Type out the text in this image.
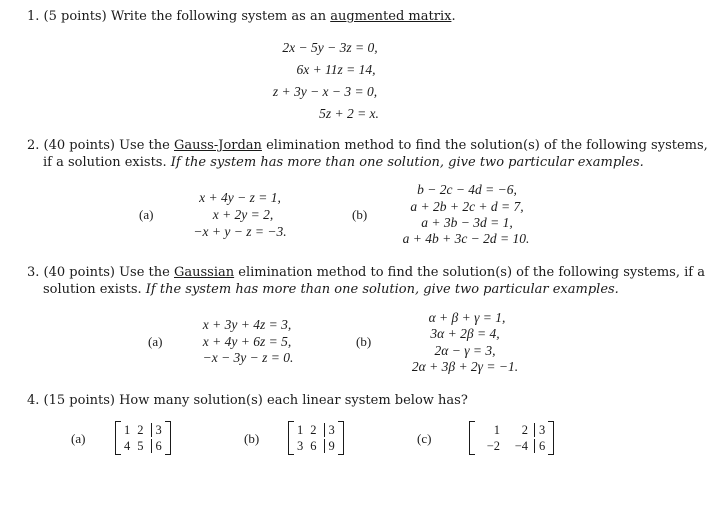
1. (5 points) Write the following system as an augmented matrix.
2x − 5y − 3z = 0,
6x + 11z = 14,
z + 3y − x − 3 = 0,
5z + 2 = x.
2. (40 points) Use the Gauss-Jordan elimination method to find the solution(s) of the following systems,
if a solution exists. If the system has more than one solution, give two particular examples.
(a)
x + 4y − z = 1,
x + 2y = 2,
−x + y − z = −3.
(b)
b − 2c − 4d = −6,
a + 2b + 2c + d = 7,
a + 3b − 3d = 1,
a + 4b + 3c − 2d = 10.
3. (40 points) Use the Gaussian elimination method to find the solution(s) of the following systems, if a
solution exists. If the system has more than one solution, give two particular examples.
(a)
x + 3y + 4z = 3,
x + 4y + 6z = 5,
−x − 3y − z = 0.
(b)
α + β + γ = 1,
3α + 2β = 4,
2α − γ = 3,
2α + 3β + 2γ = −1.
4. (15 points) How many solution(s) each linear system below has?
(a)
1 2 3
4 5 6	(b)
1 2 3
3 6 9	(c)
1	2 3
−2	−4 6
